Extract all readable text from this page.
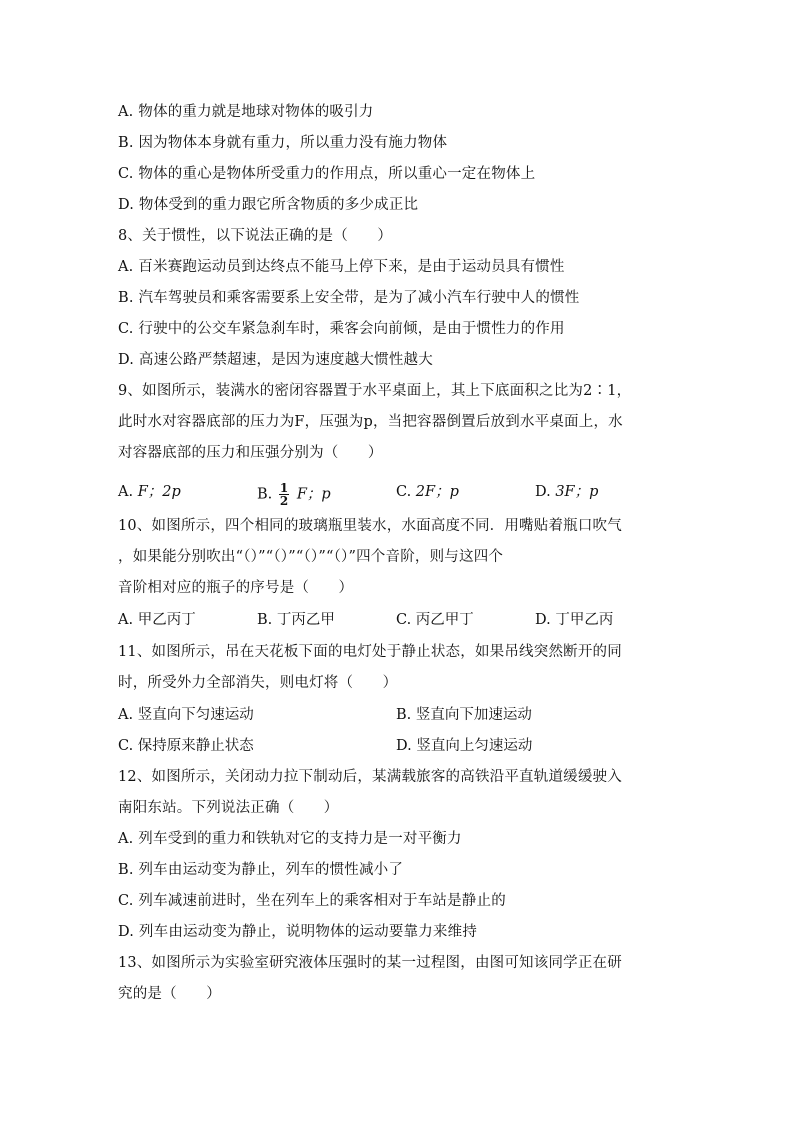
A. 物体的重力就是地球对物体的吸引力
B. 因为物体本身就有重力，所以重力没有施力物体
C. 物体的重心是物体所受重力的作用点，所以重心一定在物体上
D. 物体受到的重力跟它所含物质的多少成正比
8、关于惯性，以下说法正确的是（　　）
A. 百米赛跑运动员到达终点不能马上停下来，是由于运动员具有惯性
B. 汽车驾驶员和乘客需要系上安全带，是为了减小汽车行驶中人的惯性
C. 行驶中的公交车紧急刹车时，乘客会向前倾，是由于惯性力的作用
D. 高速公路严禁超速，是因为速度越大惯性越大
9、如图所示，装满水的密闭容器置于水平桌面上，其上下底面积之比为2∶1，
此时水对容器底部的压力为F，压强为p，当把容器倒置后放到水平桌面上，水
对容器底部的压力和压强分别为（　　）
A. F；2p	B. $\frac{1}{2}$ F；p	C. 2F；p	D. 3F；p
10、如图所示，四个相同的玻璃瓶里装水，水面高度不同．用嘴贴着瓶口吹气
，如果能分别吹出“（）”“（）”“（）”“（）”四个音阶，则与这四个
音阶相对应的瓶子的序号是（　　）
A. 甲乙丙丁	B. 丁丙乙甲	C. 丙乙甲丁	D. 丁甲乙丙
11、如图所示，吊在天花板下面的电灯处于静止状态，如果吊线突然断开的同
时，所受外力全部消失，则电灯将（　　）
A. 竖直向下匀速运动	B. 竖直向下加速运动
C. 保持原来静止状态	D. 竖直向上匀速运动
12、如图所示，关闭动力拉下制动后，某满载旅客的高铁沿平直轨道缓缓驶入
南阳东站。下列说法正确（　　）
A. 列车受到的重力和铁轨对它的支持力是一对平衡力
B. 列车由运动变为静止，列车的惯性减小了
C. 列车减速前进时，坐在列车上的乘客相对于车站是静止的
D. 列车由运动变为静止，说明物体的运动要靠力来维持
13、如图所示为实验室研究液体压强时的某一过程图，由图可知该同学正在研
究的是（　　）
